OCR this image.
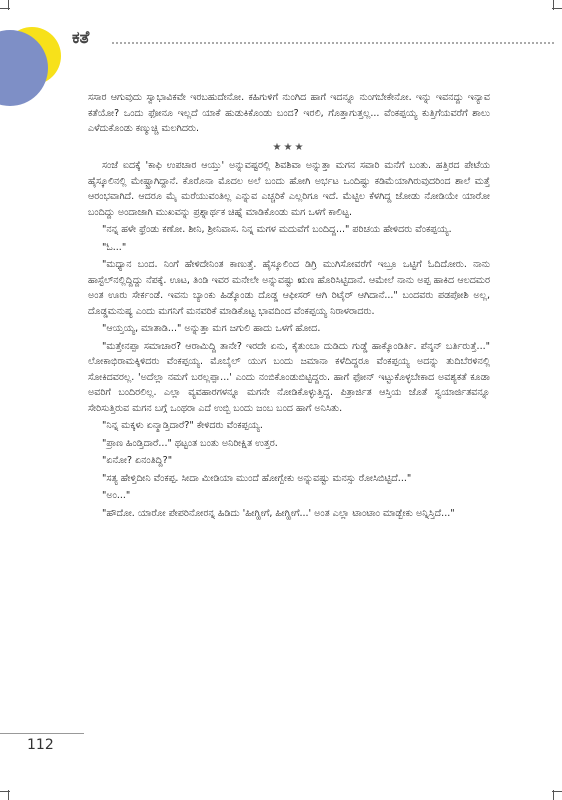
ಕತೆ

ಸಸಾರ ಆಗುವುದು ಸ್ವಾಭಾವಿಕವೇ ಇರಬಹುದೇನೋ. ಕಹಿಗುಳಿಗೆ ನುಂಗಿದ ಹಾಗೆ ಇದನ್ನೂ ನುಂಗಬೇಕೇನೋ. ಇನ್ನು ಇವನದ್ದು ಇನ್ಯಾವ ಕತೆಯೋ? ಒಂದು ಫೋನೂ ಇಲ್ಲದೆ ಯಾಕೆ ಹುಡುಕಿಕೊಂಡು ಬಂದ? ಇರಲಿ, ಗೊತ್ತಾಗುತ್ತಲ್ಲ... ವೆಂಕಪ್ಪಯ್ಯ ಕುತ್ತಿಗೆಯವರೆಗೆ ಶಾಲು ಎಳೆದುಕೊಂಡು ಕಣ್ಮುಚ್ಚಿ ಮಲಗಿದರು.

★★★

ಸಂಜೆ ಐದಕ್ಕೆ 'ಕಾಫಿ ಉಪಚಾರ ಆಯ್ತು' ಅನ್ನುವಷ್ಟರಲ್ಲಿ ಶಿವಶಿವಾ ಅನ್ನುತ್ತಾ ಮಗನ ಸವಾರಿ ಮನೆಗೆ ಬಂತು. ಹತ್ತಿರದ ಪೇಟೆಯ ಹೈಸ್ಕೂಲಿನಲ್ಲಿ ಮೇಷ್ಟ್ರಾಗಿದ್ದಾನೆ. ಕೊರೊನಾ ಮೊದಲ ಅಲೆ ಬಂದು ಹೋಗಿ ಅರ್ಭಟ ಒಂದಿಷ್ಟು ಕಡಿಮೆಯಾಗಿರುವುದರಿಂದ ಶಾಲೆ ಮತ್ತೆ ಆರಂಭವಾಗಿದೆ. ಆದರೂ ಮೈ ಮರೆಯುವಂತಿಲ್ಲ ಎನ್ನುವ ಎಚ್ಚರಿಕೆ ಎಲ್ಲರಿಗೂ ಇದೆ. ಮೆಟ್ಟಿಲ ಕೆಳಗಿದ್ದ ಜೋಡು ನೋಡಿಯೇ ಯಾರೋ ಬಂದಿದ್ದು ಅಂದಾಜಾಗಿ ಮುಖವನ್ನು ಪ್ರಶ್ನಾರ್ಥಕ ಚಿಹ್ನೆ ಮಾಡಿಕೊಂಡು ಮಗ ಒಳಗೆ ಕಾಲಿಟ್ಟ.

"ನನ್ನ ಹಳೇ ಫ್ರೆಂಡು ಕಣೋ. ಶೀನಿ, ಶ್ರೀನಿವಾಸ. ನಿನ್ನ ಮಗಳ ಮದುವೆಗೆ ಬಂದಿದ್ದ..." ಪರಿಚಯ ಹೇಳಿದರು ವೆಂಕಪ್ಪಯ್ಯ.

"ಓ..."

"ಮಧ್ಯಾನ ಬಂದ. ನಿಂಗೆ ಹೇಳಿದೇನಿಂತ ಕಾಣುತ್ತೆ. ಹೈಸ್ಕೂಲಿಂದ ಡಿಗ್ರಿ ಮುಗಿಸೋವರೆಗೆ ಇಬ್ರೂ ಒಟ್ಟಿಗೆ ಓದಿದೋರು. ನಾನು ಹಾಸ್ಟೆಲ್‌ನಲ್ಲಿದ್ದಿದ್ದು ನೆಪಕ್ಕೆ. ಊಟ, ತಿಂಡಿ ಇವರ ಮನೇಲೇ ಅನ್ನುವಷ್ಟು ಋಣ ಹೊರಿಸಿಟ್ಟಿದಾನೆ. ಆಮೇಲೆ ನಾನು ಅಪ್ಪ ಹಾಕಿದ ಆಲದಮರ ಅಂತ ಊರು ಸೇರ್ಕಂಡೆ. ಇವನು ಬ್ಯಾಂಕು ಹಿಡ್ಕೊಂಡು ದೊಡ್ಡ ಆಫೀಸರ್ ಆಗಿ ರಿಟೈರ್ ಆಗಿದಾನೆ..." ಬಂದವರು ಪಡಪೋಶಿ ಅಲ್ಲ, ದೊಡ್ಡಮನುಷ್ಯ ಎಂದು ಮಗನಿಗೆ ಮನವರಿಕೆ ಮಾಡಿಕೊಟ್ಟ ಭಾವದಿಂದ ವೆಂಕಪ್ಪಯ್ಯ ನಿರಾಳರಾದರು.

"ಆಯ್ತಯ್ಯ, ಮಾತಾಡಿ..." ಅನ್ನುತ್ತಾ ಮಗ ಜಗುಲಿ ಹಾದು ಒಳಗೆ ಹೋದ.

"ಮತ್ತೇನಪ್ಪಾ ಸಮಾಚಾರ? ಆರಾಮಿದ್ದಿ ತಾನೇ? ಇರದೇ ಏನು, ಕೈತುಂಬಾ ದುಡಿದು ಗುಡ್ಡೆ ಹಾಕ್ಕೊಂಡಿರ್ತಿ. ಪೆನ್ಶನ್ ಬರ್ತಿರುತ್ತೆ..." ಲೋಕಾಭಿರಾಮಕ್ಕಿಳಿದರು ವೆಂಕಪ್ಪಯ್ಯ. ಮೊಬೈಲ್ ಯುಗ ಬಂದು ಜಮಾನಾ ಕಳೆದಿದ್ದರೂ ವೆಂಕಪ್ಪಯ್ಯ ಅದನ್ನು ತುದಿಬೆರಳಿನಲ್ಲಿ ಸೋಕಿದವರಲ್ಲ. 'ಅದೆಲ್ಲಾ ನಮಗೆ ಬರಲ್ಲಪ್ಪಾ...' ಎಂದು ನಂಬಿಕೊಂಡುಬಿಟ್ಟಿದ್ದರು. ಹಾಗೆ ಫೋನ್ ಇಟ್ಟುಕೊಳ್ಳಬೇಕಾದ ಅವಶ್ಯಕತೆ ಕೂಡಾ ಅವರಿಗೆ ಬಂದಿರಲಿಲ್ಲ. ಎಲ್ಲಾ ವ್ಯವಹಾರಗಳನ್ನೂ ಮಗನೇ ನೋಡಿಕೊಳ್ಳುತ್ತಿದ್ದ. ಪಿತ್ರಾರ್ಜಿತ ಆಸ್ತಿಯ ಜೊತೆ ಸ್ವಯಾರ್ಜಿತವನ್ನೂ ಸೇರಿಸುತ್ತಿರುವ ಮಗನ ಬಗ್ಗೆ ಒಂಥರಾ ಎದೆ ಉಬ್ಬಿ ಬಂದು ಜಂಬ ಬಂದ ಹಾಗೆ ಅನಿಸಿತು.

"ನಿನ್ನ ಮಕ್ಕಳು ಏನ್ಮಾಡ್ತಿದಾರೆ?" ಕೇಳಿದರು ವೆಂಕಪ್ಪಯ್ಯ.

"ಪ್ರಾಣ ಹಿಂಡ್ತಿದಾರೆ..." ಥಟ್ಟಂತ ಬಂತು ಅನಿರೀಕ್ಷಿತ ಉತ್ತರ.

"ಏನೋ? ಏನಂತಿದ್ದಿ?"

"ಸತ್ಯ ಹೇಳ್ತಿದೀನಿ ವೆಂಕಪ್ಪ. ಸೀದಾ ಮೀಡಿಯಾ ಮುಂದೆ ಹೋಗ್ಬೇಕು ಅನ್ನುವಷ್ಟು ಮನಸ್ಸು ರೋಸಿಬಿಟ್ಟಿದೆ..."

"ಅಂ..."

"ಹೌದೋ. ಯಾರೋ ಪೇಪರಿನೋರನ್ನ ಹಿಡಿದು 'ಹೀಗ್ಹೀಗೆ, ಹೀಗ್ಹೀಗೆ...' ಅಂತ ಎಲ್ಲಾ ಟಾಂಟಾಂ ಮಾಡ್ಬೇಕು ಅನ್ನಿಸ್ತಿದೆ..."

112
